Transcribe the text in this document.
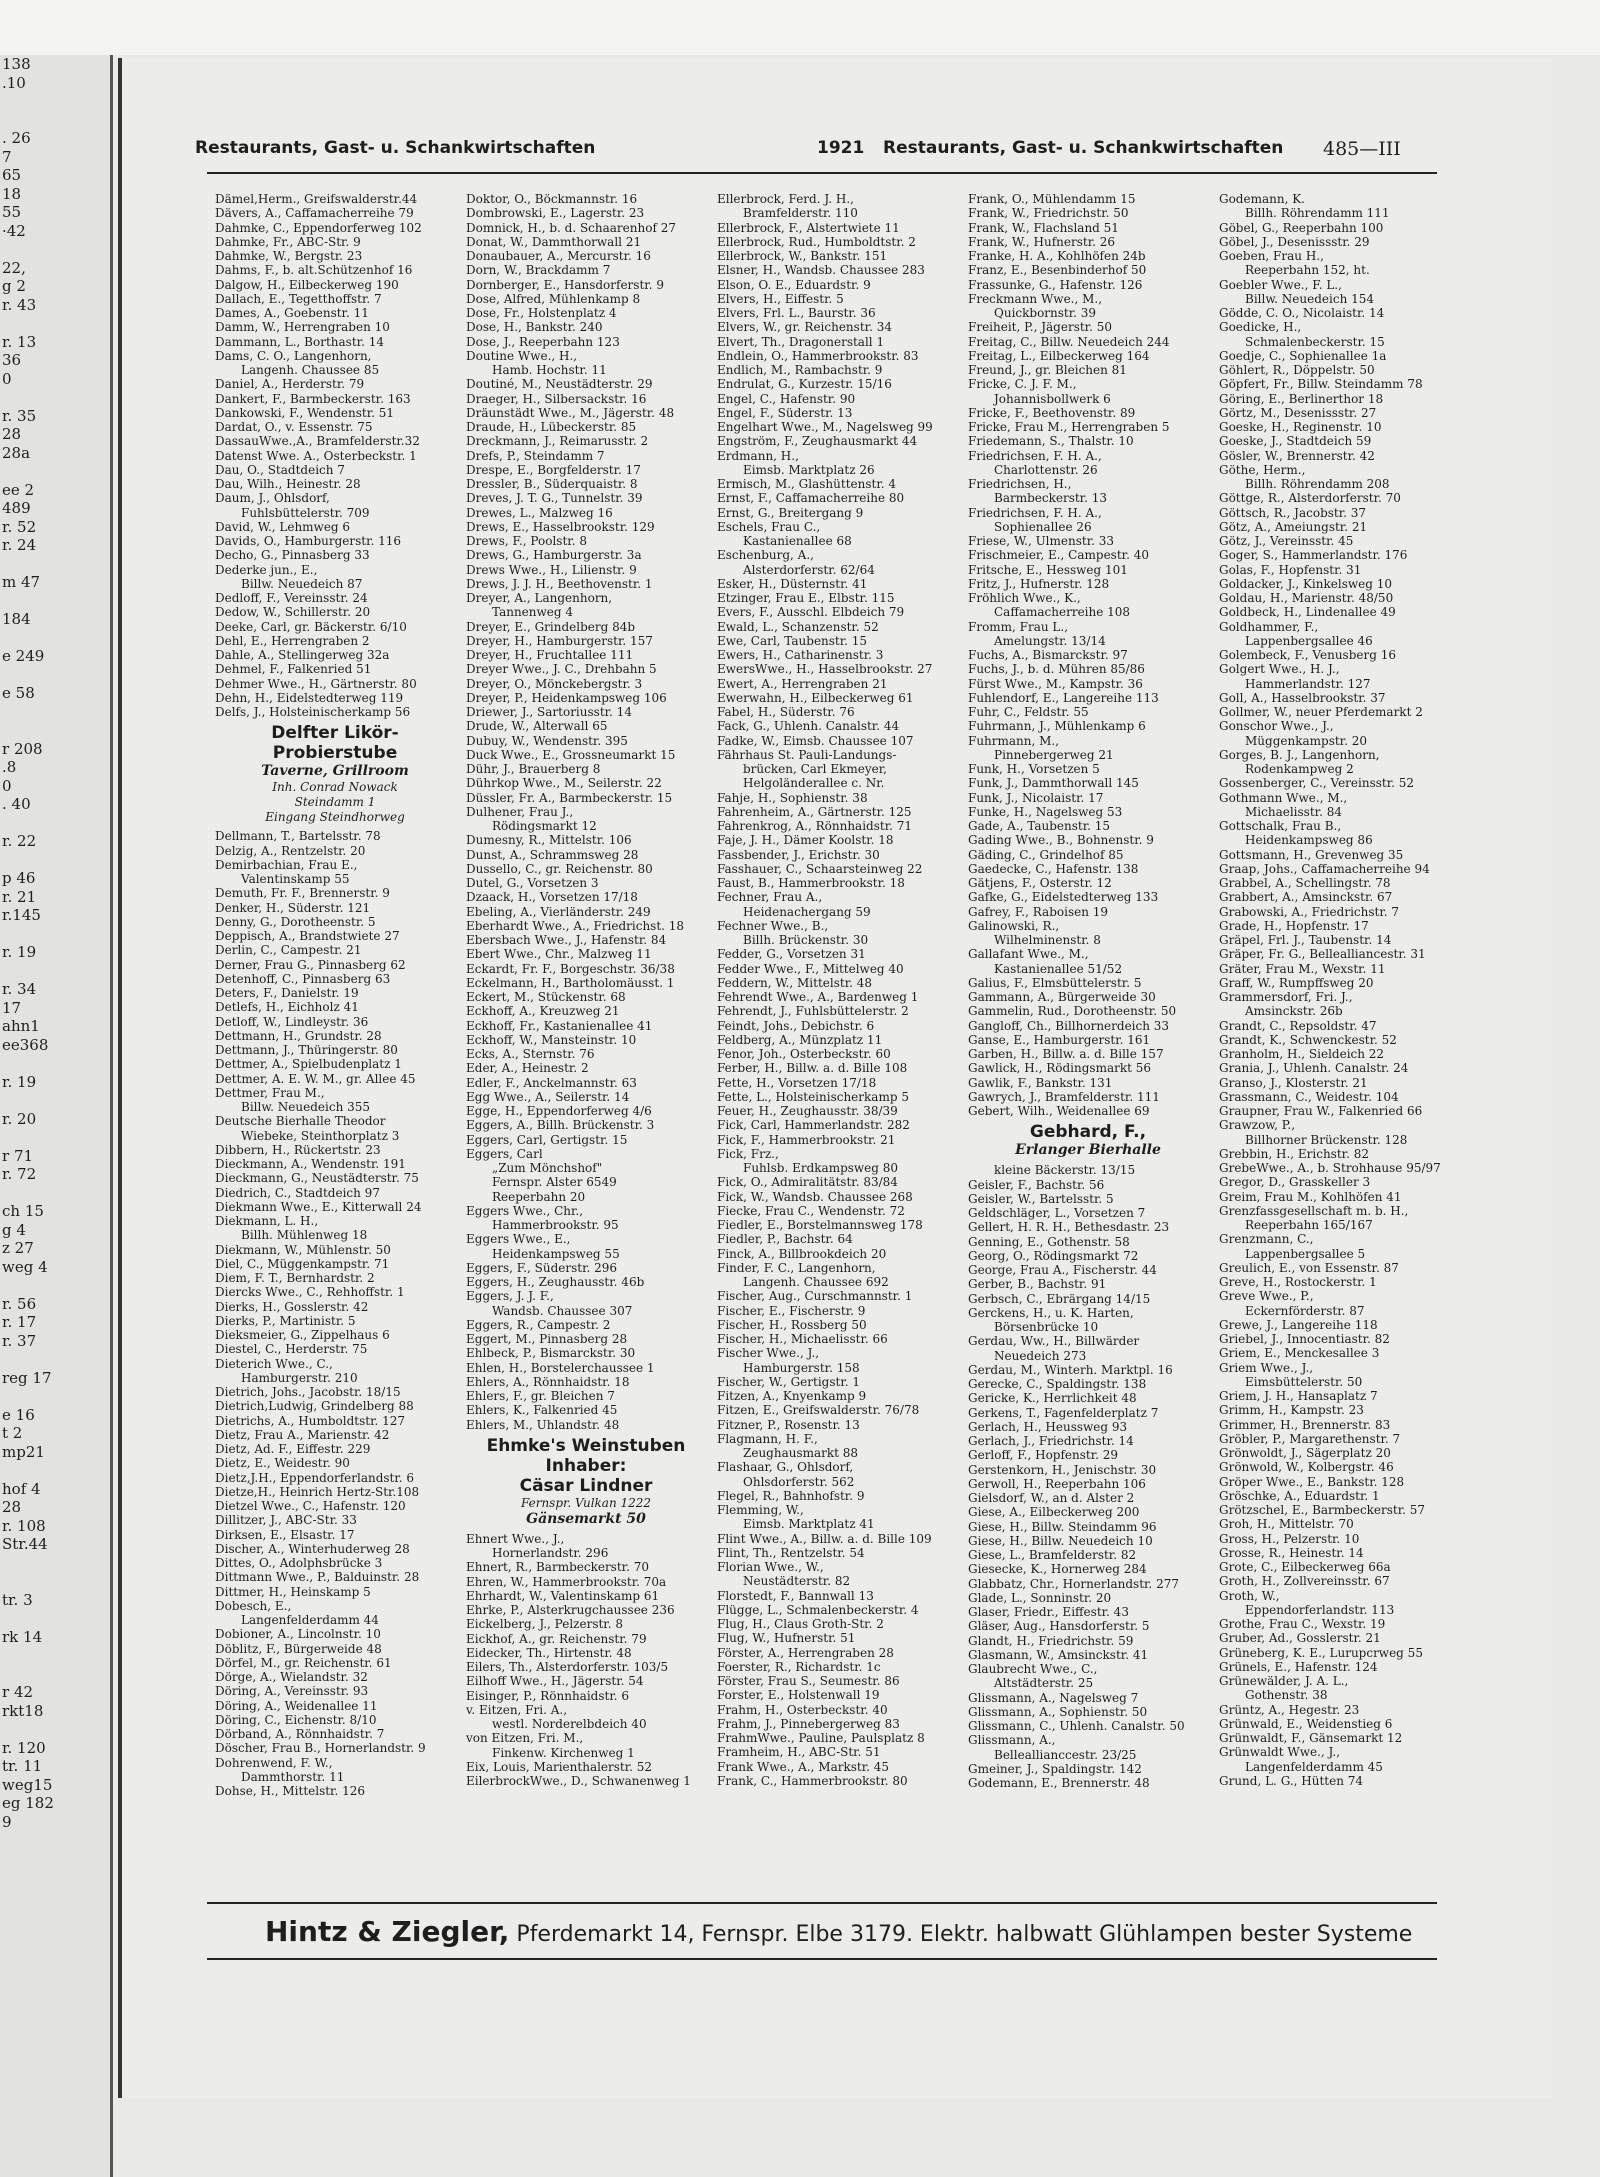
138
.10

. 26
7
65
18
55
·42

22,
g 2
r. 43

r. 13
36
0

r. 35
28
28a

ee 2
489
r. 52
r. 24

m 47

184

e 249

e 58

r 208
.8
0
. 40

r. 22

p 46
r. 21
r.145

r. 19

r. 34
17
ahn1
ee368

r. 19

r. 20

r 71
r. 72

ch 15
g 4
z 27
weg 4

r. 56
r. 17
r. 37

reg 17

e 16
t 2
mp21

hof 4
28
r. 108
Str.44

tr. 3

rk 14

r 42
rkt18

r. 120
tr. 11
weg15
eg 182
9
Restaurants, Gast- u. Schankwirtschaften	1921 Restaurants, Gast- u. Schankwirtschaften 485—III
Dämel,Herm., Greifswalderstr.44
Dävers, A., Caffamacherreihe 79
Dahmke, C., Eppendorferweg 102
Dahmke, Fr., ABC-Str. 9
Dahmke, W., Bergstr. 23
Dahms, F., b. alt.Schützenhof 16
Dalgow, H., Eilbeckerweg 190
Dallach, E., Tegetthoffstr. 7
Dames, A., Goebenstr. 11
Damm, W., Herrengraben 10
Dammann, L., Borthastr. 14
Dams, C. O., Langenhorn,
Langenh. Chaussee 85
Daniel, A., Herderstr. 79
Dankert, F., Barmbeckerstr. 163
Dankowski, F., Wendenstr. 51
Dardat, O., v. Essenstr. 75
DassauWwe.,A., Bramfelderstr.32
Datenst Wwe. A., Osterbeckstr. 1
Dau, O., Stadtdeich 7
Dau, Wilh., Heinestr. 28
Daum, J., Ohlsdorf,
Fuhlsbüttelerstr. 709
David, W., Lehmweg 6
Davids, O., Hamburgerstr. 116
Decho, G., Pinnasberg 33
Dederke jun., E.,
Billw. Neuedeich 87
Dedloff, F., Vereinsstr. 24
Dedow, W., Schillerstr. 20
Deeke, Carl, gr. Bäckerstr. 6/10
Dehl, E., Herrengraben 2
Dahle, A., Stellingerweg 32a
Dehmel, F., Falkenried 51
Dehmer Wwe., H., Gärtnerstr. 80
Dehn, H., Eidelstedterweg 119
Delfs, J., Holsteinischerkamp 56
Delfter Likör-
Probierstube
Taverne, Grillroom
Inh. Conrad Nowack
Steindamm 1
Eingang Steindhorweg
Dellmann, T., Bartelsstr. 78
Delzig, A., Rentzelstr. 20
Demirbachian, Frau E.,
Valentinskamp 55
Demuth, Fr. F., Brennerstr. 9
Denker, H., Süderstr. 121
Denny, G., Dorotheenstr. 5
Deppisch, A., Brandstwiete 27
Derlin, C., Campestr. 21
Derner, Frau G., Pinnasberg 62
Detenhoff, C., Pinnasberg 63
Deters, F., Danielstr. 19
Detlefs, H., Eichholz 41
Detloff, W., Lindleystr. 36
Dettmann, H., Grundstr. 28
Dettmann, J., Thüringerstr. 80
Dettmer, A., Spielbudenplatz 1
Dettmer, A. E. W. M., gr. Allee 45
Dettmer, Frau M.,
Billw. Neuedeich 355
Deutsche Bierhalle Theodor
Wiebeke, Steinthorplatz 3
Dibbern, H., Rückertstr. 23
Dieckmann, A., Wendenstr. 191
Dieckmann, G., Neustädterstr. 75
Diedrich, C., Stadtdeich 97
Diekmann Wwe., E., Kitterwall 24
Diekmann, L. H.,
Billh. Mühlenweg 18
Diekmann, W., Mühlenstr. 50
Diel, C., Müggenkampstr. 71
Diem, F. T., Bernhardstr. 2
Diercks Wwe., C., Rehhoffstr. 1
Dierks, H., Gosslerstr. 42
Dierks, P., Martinistr. 5
Dieksmeier, G., Zippelhaus 6
Diestel, C., Herderstr. 75
Dieterich Wwe., C.,
Hamburgerstr. 210
Dietrich, Johs., Jacobstr. 18/15
Dietrich,Ludwig, Grindelberg 88
Dietrichs, A., Humboldtstr. 127
Dietz, Frau A., Marienstr. 42
Dietz, Ad. F., Eiffestr. 229
Dietz, E., Weidestr. 90
Dietz,J.H., Eppendorferlandstr. 6
Dietze,H., Heinrich Hertz-Str.108
Dietzel Wwe., C., Hafenstr. 120
Dillitzer, J., ABC-Str. 33
Dirksen, E., Elsastr. 17
Discher, A., Winterhuderweg 28
Dittes, O., Adolphsbrücke 3
Dittmann Wwe., P., Balduinstr. 28
Dittmer, H., Heinskamp 5
Dobesch, E.,
Langenfelderdamm 44
Dobioner, A., Lincolnstr. 10
Döblitz, F., Bürgerweide 48
Dörfel, M., gr. Reichenstr. 61
Dörge, A., Wielandstr. 32
Döring, A., Vereinsstr. 93
Döring, A., Weidenallee 11
Döring, C., Eichenstr. 8/10
Dörband, A., Rönnhaidstr. 7
Döscher, Frau B., Hornerlandstr. 9
Dohrenwend, F. W.,
Dammthorstr. 11
Dohse, H., Mittelstr. 126
Doktor, O., Böckmannstr. 16
Dombrowski, E., Lagerstr. 23
Domnick, H., b. d. Schaarenhof 27
Donat, W., Dammthorwall 21
Donaubauer, A., Mercurstr. 16
Dorn, W., Brackdamm 7
Dornberger, E., Hansdorferstr. 9
Dose, Alfred, Mühlenkamp 8
Dose, Fr., Holstenplatz 4
Dose, H., Bankstr. 240
Dose, J., Reeperbahn 123
Doutine Wwe., H.,
Hamb. Hochstr. 11
Doutiné, M., Neustädterstr. 29
Draeger, H., Silbersackstr. 16
Dräunstädt Wwe., M., Jägerstr. 48
Draude, H., Lübeckerstr. 85
Dreckmann, J., Reimarusstr. 2
Drefs, P., Steindamm 7
Drespe, E., Borgfelderstr. 17
Dressler, B., Süderquaistr. 8
Dreves, J. T. G., Tunnelstr. 39
Drewes, L., Malzweg 16
Drews, E., Hasselbrookstr. 129
Drews, F., Poolstr. 8
Drews, G., Hamburgerstr. 3a
Drews Wwe., H., Lilienstr. 9
Drews, J. J. H., Beethovenstr. 1
Dreyer, A., Langenhorn,
Tannenweg 4
Dreyer, E., Grindelberg 84b
Dreyer, H., Hamburgerstr. 157
Dreyer, H., Fruchtallee 111
Dreyer Wwe., J. C., Drehbahn 5
Dreyer, O., Mönckebergstr. 3
Dreyer, P., Heidenkampsweg 106
Driewer, J., Sartoriusstr. 14
Drude, W., Alterwall 65
Dubuy, W., Wendenstr. 395
Duck Wwe., E., Grossneumarkt 15
Dühr, J., Brauerberg 8
Dührkop Wwe., M., Seilerstr. 22
Düssler, Fr. A., Barmbeckerstr. 15
Dulhener, Frau J.,
Rödingsmarkt 12
Dumesny, R., Mittelstr. 106
Dunst, A., Schrammsweg 28
Dussello, C., gr. Reichenstr. 80
Dutel, G., Vorsetzen 3
Dzaack, H., Vorsetzen 17/18
Ebeling, A., Vierländerstr. 249
Eberhardt Wwe., A., Friedrichst. 18
Ebersbach Wwe., J., Hafenstr. 84
Ebert Wwe., Chr., Malzweg 11
Eckardt, Fr. F., Borgeschstr. 36/38
Eckelmann, H., Bartholomäusst. 1
Eckert, M., Stückenstr. 68
Eckhoff, A., Kreuzweg 21
Eckhoff, Fr., Kastanienallee 41
Eckhoff, W., Mansteinstr. 10
Ecks, A., Sternstr. 76
Eder, A., Heinestr. 2
Edler, F., Anckelmannstr. 63
Egg Wwe., A., Seilerstr. 14
Egge, H., Eppendorferweg 4/6
Eggers, A., Billh. Brückenstr. 3
Eggers, Carl, Gertigstr. 15
Eggers, Carl
„Zum Mönchshof"
Fernspr. Alster 6549
Reeperbahn 20
Eggers Wwe., Chr.,
Hammerbrookstr. 95
Eggers Wwe., E.,
Heidenkampsweg 55
Eggers, F., Süderstr. 296
Eggers, H., Zeughausstr. 46b
Eggers, J. J. F.,
Wandsb. Chaussee 307
Eggers, R., Campestr. 2
Eggert, M., Pinnasberg 28
Ehlbeck, P., Bismarckstr. 30
Ehlen, H., Borstelerchaussee 1
Ehlers, A., Rönnhaidstr. 18
Ehlers, F., gr. Bleichen 7
Ehlers, K., Falkenried 45
Ehlers, M., Uhlandstr. 48
Ehmke's Weinstuben
Inhaber:
Cäsar Lindner
Fernspr. Vulkan 1222
Gänsemarkt 50
Ehnert Wwe., J.,
Hornerlandstr. 296
Ehnert, R., Barmbeckerstr. 70
Ehren, W., Hammerbrookstr. 70a
Ehrhardt, W., Valentinskamp 61
Ehrke, P., Alsterkrugchaussee 236
Eickelberg, J., Pelzerstr. 8
Eickhof, A., gr. Reichenstr. 79
Eidecker, Th., Hirtenstr. 48
Eilers, Th., Alsterdorferstr. 103/5
Eilhoff Wwe., H., Jägerstr. 54
Eisinger, P., Rönnhaidstr. 6
v. Eitzen, Fri. A.,
westl. Norderelbdeich 40
von Eitzen, Fri. M.,
Finkenw. Kirchenweg 1
Eix, Louis, Marienthalerstr. 52
EilerbrockWwe., D., Schwanenweg 1
Ellerbrock, Ferd. J. H.,
Bramfelderstr. 110
Ellerbrock, F., Alstertwiete 11
Ellerbrock, Rud., Humboldtstr. 2
Ellerbrock, W., Bankstr. 151
Elsner, H., Wandsb. Chaussee 283
Elson, O. E., Eduardstr. 9
Elvers, H., Eiffestr. 5
Elvers, Frl. L., Baurstr. 36
Elvers, W., gr. Reichenstr. 34
Elvert, Th., Dragonerstall 1
Endlein, O., Hammerbrookstr. 83
Endlich, M., Rambachstr. 9
Endrulat, G., Kurzestr. 15/16
Engel, C., Hafenstr. 90
Engel, F., Süderstr. 13
Engelhart Wwe., M., Nagelsweg 99
Engström, F., Zeughausmarkt 44
Erdmann, H.,
Eimsb. Marktplatz 26
Ermisch, M., Glashüttenstr. 4
Ernst, F., Caffamacherreihe 80
Ernst, G., Breitergang 9
Eschels, Frau C.,
Kastanienallee 68
Eschenburg, A.,
Alsterdorferstr. 62/64
Esker, H., Düsternstr. 41
Etzinger, Frau E., Elbstr. 115
Evers, F., Ausschl. Elbdeich 79
Ewald, L., Schanzenstr. 52
Ewe, Carl, Taubenstr. 15
Ewers, H., Catharinenstr. 3
EwersWwe., H., Hasselbrookstr. 27
Ewert, A., Herrengraben 21
Ewerwahn, H., Eilbeckerweg 61
Fabel, H., Süderstr. 76
Fack, G., Uhlenh. Canalstr. 44
Fadke, W., Eimsb. Chaussee 107
Fährhaus St. Pauli-Landungs-
brücken, Carl Ekmeyer,
Helgoländerallee c. Nr.
Fahje, H., Sophienstr. 38
Fahrenheim, A., Gärtnerstr. 125
Fahrenkrog, A., Rönnhaidstr. 71
Faje, J. H., Dämer Koolstr. 18
Fassbender, J., Erichstr. 30
Fasshauer, C., Schaarsteinweg 22
Faust, B., Hammerbrookstr. 18
Fechner, Frau A.,
Heidenachergang 59
Fechner Wwe., B.,
Billh. Brückenstr. 30
Fedder, G., Vorsetzen 31
Fedder Wwe., F., Mittelweg 40
Feddern, W., Mittelstr. 48
Fehrendt Wwe., A., Bardenweg 1
Fehrendt, J., Fuhlsbüttelerstr. 2
Feindt, Johs., Debichstr. 6
Feldberg, A., Münzplatz 11
Fenor, Joh., Osterbeckstr. 60
Ferber, H., Billw. a. d. Bille 108
Fette, H., Vorsetzen 17/18
Fette, L., Holsteinischerkamp 5
Feuer, H., Zeughausstr. 38/39
Fick, Carl, Hammerlandstr. 282
Fick, F., Hammerbrookstr. 21
Fick, Frz.,
Fuhlsb. Erdkampsweg 80
Fick, O., Admiralitätstr. 83/84
Fick, W., Wandsb. Chaussee 268
Fiecke, Frau C., Wendenstr. 72
Fiedler, E., Borstelmannsweg 178
Fiedler, P., Bachstr. 64
Finck, A., Billbrookdeich 20
Finder, F. C., Langenhorn,
Langenh. Chaussee 692
Fischer, Aug., Curschmannstr. 1
Fischer, E., Fischerstr. 9
Fischer, H., Rossberg 50
Fischer, H., Michaelisstr. 66
Fischer Wwe., J.,
Hamburgerstr. 158
Fischer, W., Gertigstr. 1
Fitzen, A., Knyenkamp 9
Fitzen, E., Greifswalderstr. 76/78
Fitzner, P., Rosenstr. 13
Flagmann, H. F.,
Zeughausmarkt 88
Flashaar, G., Ohlsdorf,
Ohlsdorferstr. 562
Flegel, R., Bahnhofstr. 9
Flemming, W.,
Eimsb. Marktplatz 41
Flint Wwe., A., Billw. a. d. Bille 109
Flint, Th., Rentzelstr. 54
Florian Wwe., W.,
Neustädterstr. 82
Florstedt, F., Bannwall 13
Flügge, L., Schmalenbeckerstr. 4
Flug, H., Claus Groth-Str. 2
Flug, W., Hufnerstr. 51
Förster, A., Herrengraben 28
Foerster, R., Richardstr. 1c
Förster, Frau S., Seumestr. 86
Forster, E., Holstenwall 19
Frahm, H., Osterbeckstr. 40
Frahm, J., Pinnebergerweg 83
FrahmWwe., Pauline, Paulsplatz 8
Framheim, H., ABC-Str. 51
Frank Wwe., A., Markstr. 45
Frank, C., Hammerbrookstr. 80
Frank, O., Mühlendamm 15
Frank, W., Friedrichstr. 50
Frank, W., Flachsland 51
Frank, W., Hufnerstr. 26
Franke, H. A., Kohlhöfen 24b
Franz, E., Besenbinderhof 50
Frassunke, G., Hafenstr. 126
Freckmann Wwe., M.,
Quickbornstr. 39
Freiheit, P., Jägerstr. 50
Freitag, C., Billw. Neuedeich 244
Freitag, L., Eilbeckerweg 164
Freund, J., gr. Bleichen 81
Fricke, C. J. F. M.,
Johannisbollwerk 6
Fricke, F., Beethovenstr. 89
Fricke, Frau M., Herrengraben 5
Friedemann, S., Thalstr. 10
Friedrichsen, F. H. A.,
Charlottenstr. 26
Friedrichsen, H.,
Barmbeckerstr. 13
Friedrichsen, F. H. A.,
Sophienallee 26
Friese, W., Ulmenstr. 33
Frischmeier, E., Campestr. 40
Fritsche, E., Hessweg 101
Fritz, J., Hufnerstr. 128
Fröhlich Wwe., K.,
Caffamacherreihe 108
Fromm, Frau L.,
Amelungstr. 13/14
Fuchs, A., Bismarckstr. 97
Fuchs, J., b. d. Mühren 85/86
Fürst Wwe., M., Kampstr. 36
Fuhlendorf, E., Langereihe 113
Fuhr, C., Feldstr. 55
Fuhrmann, J., Mühlenkamp 6
Fuhrmann, M.,
Pinnebergerweg 21
Funk, H., Vorsetzen 5
Funk, J., Dammthorwall 145
Funk, J., Nicolaistr. 17
Funke, H., Nagelsweg 53
Gade, A., Taubenstr. 15
Gading Wwe., B., Bohnenstr. 9
Gäding, C., Grindelhof 85
Gaedecke, C., Hafenstr. 138
Gätjens, F., Osterstr. 12
Gafke, G., Eidelstedterweg 133
Gafrey, F., Raboisen 19
Galinowski, R.,
Wilhelminenstr. 8
Gallafant Wwe., M.,
Kastanienallee 51/52
Galius, F., Elmsbüttelerstr. 5
Gammann, A., Bürgerweide 30
Gammelin, Rud., Dorotheenstr. 50
Gangloff, Ch., Billhornerdeich 33
Ganse, E., Hamburgerstr. 161
Garben, H., Billw. a. d. Bille 157
Gawlick, H., Rödingsmarkt 56
Gawlik, F., Bankstr. 131
Gawrych, J., Bramfelderstr. 111
Gebert, Wilh., Weidenallee 69
Gebhard, F.,
Erlanger Bierhalle
kleine Bäckerstr. 13/15
Geisler, F., Bachstr. 56
Geisler, W., Bartelsstr. 5
Geldschläger, L., Vorsetzen 7
Gellert, H. R. H., Bethesdastr. 23
Genning, E., Gothenstr. 58
Georg, O., Rödingsmarkt 72
George, Frau A., Fischerstr. 44
Gerber, B., Bachstr. 91
Gerbsch, C., Ebrärgang 14/15
Gerckens, H., u. K. Harten,
Börsenbrücke 10
Gerdau, Ww., H., Billwärder
Neuedeich 273
Gerdau, M., Winterh. Marktpl. 16
Gerecke, C., Spaldingstr. 138
Gericke, K., Herrlichkeit 48
Gerkens, T., Fagenfelderplatz 7
Gerlach, H., Heussweg 93
Gerlach, J., Friedrichstr. 14
Gerloff, F., Hopfenstr. 29
Gerstenkorn, H., Jenischstr. 30
Gerwoll, H., Reeperbahn 106
Gielsdorf, W., an d. Alster 2
Giese, A., Eilbeckerweg 200
Giese, H., Billw. Steindamm 96
Giese, H., Billw. Neuedeich 10
Giese, L., Bramfelderstr. 82
Giesecke, K., Hornerweg 284
Glabbatz, Chr., Hornerlandstr. 277
Glade, L., Sonninstr. 20
Glaser, Friedr., Eiffestr. 43
Gläser, Aug., Hansdorferstr. 5
Glandt, H., Friedrichstr. 59
Glasmann, W., Amsinckstr. 41
Glaubrecht Wwe., C.,
Altstädterstr. 25
Glissmann, A., Nagelsweg 7
Glissmann, A., Sophienstr. 50
Glissmann, C., Uhlenh. Canalstr. 50
Glissmann, A.,
Belleallianccestr. 23/25
Gmeiner, J., Spaldingstr. 142
Godemann, E., Brennerstr. 48
Godemann, K.
Billh. Röhrendamm 111
Göbel, G., Reeperbahn 100
Göbel, J., Desenissstr. 29
Goeben, Frau H.,
Reeperbahn 152, ht.
Goebler Wwe., F. L.,
Billw. Neuedeich 154
Gödde, C. O., Nicolaistr. 14
Goedicke, H.,
Schmalenbeckerstr. 15
Goedje, C., Sophienallee 1a
Göhlert, R., Döppelstr. 50
Göpfert, Fr., Billw. Steindamm 78
Göring, E., Berlinerthor 18
Görtz, M., Desenissstr. 27
Goeske, H., Reginenstr. 10
Goeske, J., Stadtdeich 59
Gösler, W., Brennerstr. 42
Göthe, Herm.,
Billh. Röhrendamm 208
Göttge, R., Alsterdorferstr. 70
Göttsch, R., Jacobstr. 37
Götz, A., Ameiungstr. 21
Götz, J., Vereinsstr. 45
Goger, S., Hammerlandstr. 176
Golas, F., Hopfenstr. 31
Goldacker, J., Kinkelsweg 10
Goldau, H., Marienstr. 48/50
Goldbeck, H., Lindenallee 49
Goldhammer, F.,
Lappenbergsallee 46
Golembeck, F., Venusberg 16
Golgert Wwe., H. J.,
Hammerlandstr. 127
Goll, A., Hasselbrookstr. 37
Gollmer, W., neuer Pferdemarkt 2
Gonschor Wwe., J.,
Müggenkampstr. 20
Gorges, B. J., Langenhorn,
Rodenkampweg 2
Gossenberger, C., Vereinsstr. 52
Gothmann Wwe., M.,
Michaelisstr. 84
Gottschalk, Frau B.,
Heidenkampsweg 86
Gottsmann, H., Grevenweg 35
Graap, Johs., Caffamacherreihe 94
Grabbel, A., Schellingstr. 78
Grabbert, A., Amsinckstr. 67
Grabowski, A., Friedrichstr. 7
Grade, H., Hopfenstr. 17
Gräpel, Frl. J., Taubenstr. 14
Gräper, Fr. G., Bellealliancestr. 31
Gräter, Frau M., Wexstr. 11
Graff, W., Rumpffsweg 20
Grammersdorf, Fri. J.,
Amsinckstr. 26b
Grandt, C., Repsoldstr. 47
Grandt, K., Schwenckestr. 52
Granholm, H., Sieldeich 22
Grania, J., Uhlenh. Canalstr. 24
Granso, J., Klosterstr. 21
Grassmann, C., Weidestr. 104
Graupner, Frau W., Falkenried 66
Grawzow, P.,
Billhorner Brückenstr. 128
Grebbin, H., Erichstr. 82
GrebeWwe., A., b. Strohhause 95/97
Gregor, D., Grasskeller 3
Greim, Frau M., Kohlhöfen 41
Grenzfassgesellschaft m. b. H.,
Reeperbahn 165/167
Grenzmann, C.,
Lappenbergsallee 5
Greulich, E., von Essenstr. 87
Greve, H., Rostockerstr. 1
Greve Wwe., P.,
Eckernförderstr. 87
Grewe, J., Langereihe 118
Griebel, J., Innocentiastr. 82
Griem, E., Menckesallee 3
Griem Wwe., J.,
Eimsbüttelerstr. 50
Griem, J. H., Hansaplatz 7
Grimm, H., Kampstr. 23
Grimmer, H., Brennerstr. 83
Gröbler, P., Margarethenstr. 7
Grönwoldt, J., Sägerplatz 20
Grönwold, W., Kolbergstr. 46
Gröper Wwe., E., Bankstr. 128
Gröschke, A., Eduardstr. 1
Grötzschel, E., Barmbeckerstr. 57
Groh, H., Mittelstr. 70
Gross, H., Pelzerstr. 10
Grosse, R., Heinestr. 14
Grote, C., Eilbeckerweg 66a
Groth, H., Zollvereinsstr. 67
Groth, W.,
Eppendorferlandstr. 113
Grothe, Frau C., Wexstr. 19
Gruber, Ad., Gosslerstr. 21
Grüneberg, K. E., Lurupcrweg 55
Grünels, E., Hafenstr. 124
Grünewälder, J. A. L.,
Gothenstr. 38
Grüntz, A., Hegestr. 23
Grünwald, E., Weidenstieg 6
Grünwaldt, F., Gänsemarkt 12
Grünwaldt Wwe., J.,
Langenfelderdamm 45
Grund, L. G., Hütten 74
Hintz & Ziegler, Pferdemarkt 14, Fernspr. Elbe 3179. Elektr. halbwatt Glühlampen bester Systeme
